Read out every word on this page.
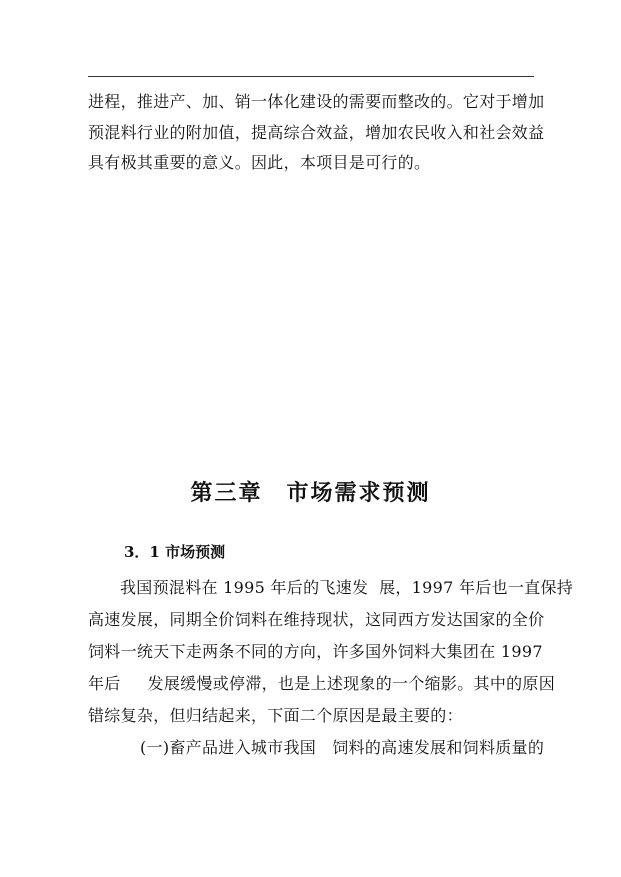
进程，推进产、加、销一体化建设的需要而整改的。它对于增加
预混料行业的附加值，提高综合效益，增加农民收入和社会效益
具有极其重要的意义。因此，本项目是可行的。
第三章　市场需求预测
3．1 市场预测
我国预混料在 1995 年后的飞速发  展，1997 年后也一直保持
高速发展，同期全价饲料在维持现状，这同西方发达国家的全价
饲料一统天下走两条不同的方向，许多国外饲料大集团在 1997
年后     发展缓慢或停滞，也是上述现象的一个缩影。其中的原因
错综复杂，但归结起来，下面二个原因是最主要的：
(一)畜产品进入城市我国   饲料的高速发展和饲料质量的
